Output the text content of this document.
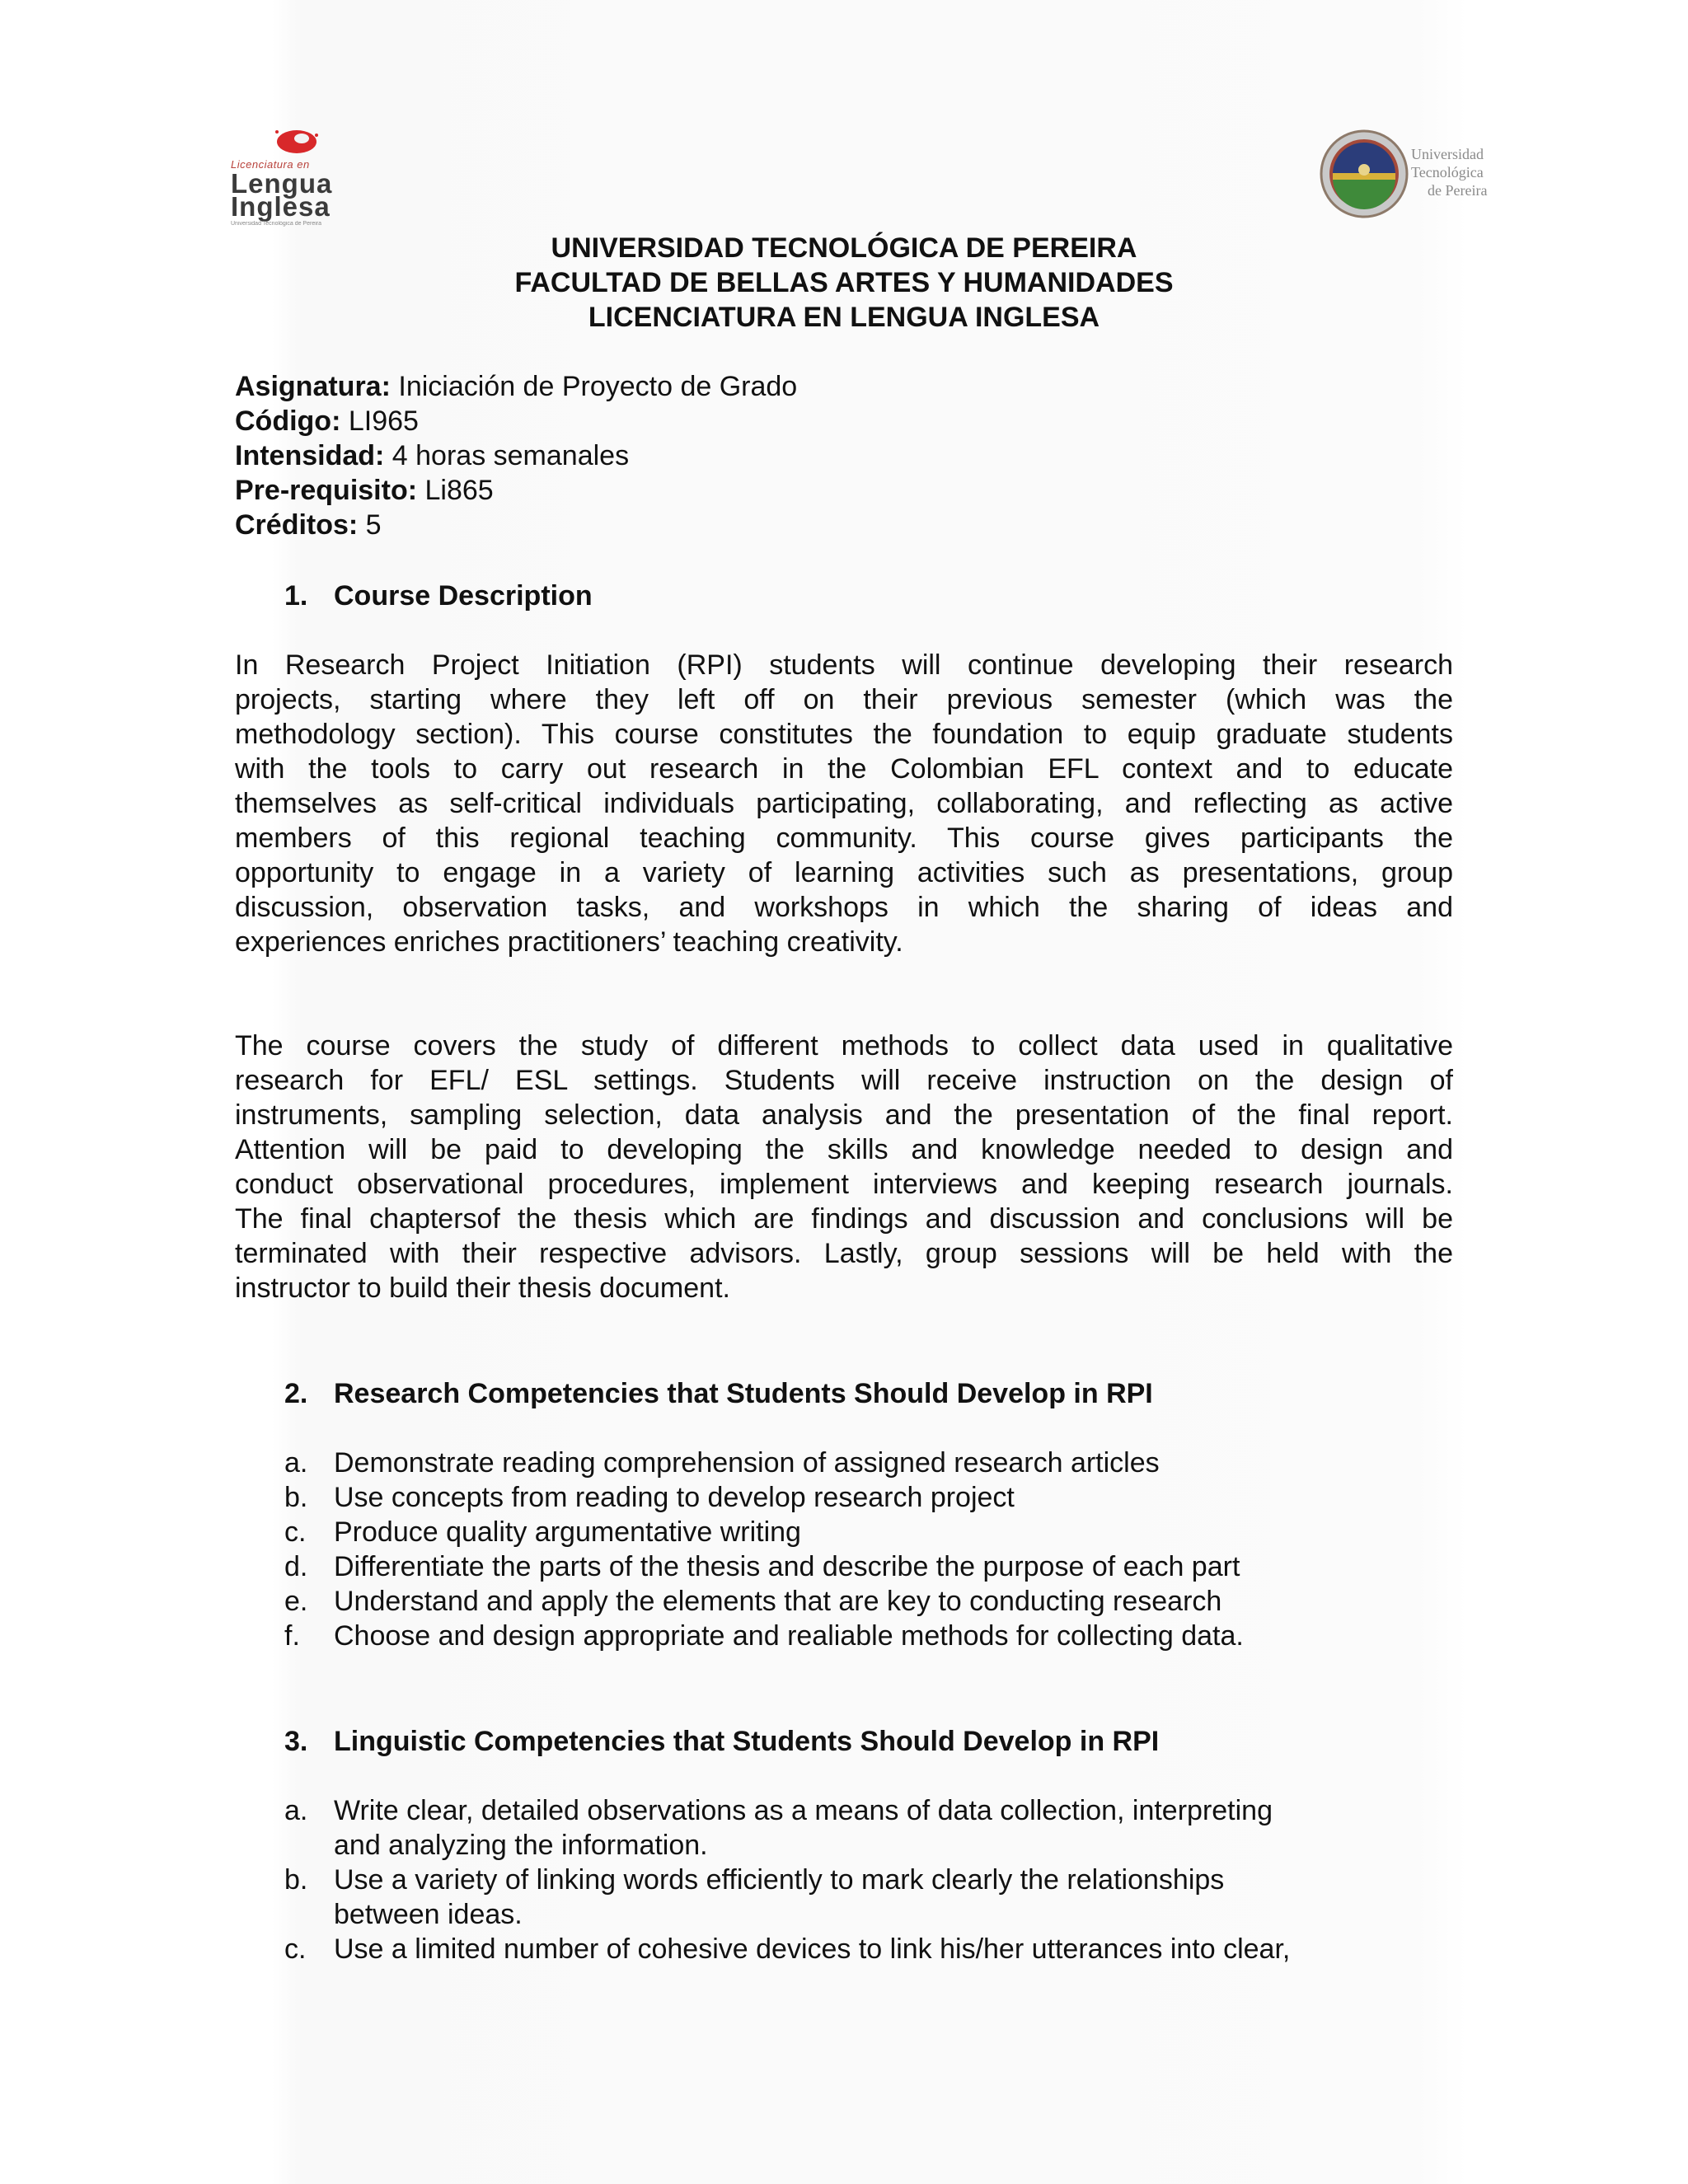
Licenciatura en
Lengua
Inglesa
Universidad Tecnológica de Pereira
Universidad
Tecnológica
de Pereira
UNIVERSIDAD TECNOLÓGICA DE PEREIRA
FACULTAD DE BELLAS ARTES Y HUMANIDADES
LICENCIATURA EN LENGUA INGLESA
Asignatura: Iniciación de Proyecto de Grado
Código: LI965
Intensidad: 4 horas semanales
Pre-requisito: Li865
Créditos: 5
1. Course Description
In Research Project Initiation (RPI) students will continue developing their research
projects, starting where they left off on their previous semester (which was the
methodology section). This course constitutes the foundation to equip graduate students
with the tools to carry out research in the Colombian EFL context and to educate
themselves as self-critical individuals participating, collaborating, and reflecting as active
members of this regional teaching community. This course gives participants the
opportunity to engage in a variety of learning activities such as presentations, group
discussion, observation tasks, and workshops in which the sharing of ideas and
experiences enriches practitioners’ teaching creativity.
The course covers the study of different methods to collect data used in qualitative
research for EFL/ ESL settings. Students will receive instruction on the design of
instruments, sampling selection, data analysis and the presentation of the final report.
Attention will be paid to developing the skills and knowledge needed to design and
conduct observational procedures, implement interviews and keeping research journals.
The final chaptersof the thesis which are findings and discussion and conclusions will be
terminated with their respective advisors. Lastly, group sessions will be held with the
instructor to build their thesis document.
2. Research Competencies that Students Should Develop in RPI
a. Demonstrate reading comprehension of assigned research articles
b. Use concepts from reading to develop research project
c. Produce quality argumentative writing
d. Differentiate the parts of the thesis and describe the purpose of each part
e. Understand and apply the elements that are key to conducting research
f. Choose and design appropriate and realiable methods for collecting data.
3. Linguistic Competencies that Students Should Develop in RPI
a. Write clear, detailed observations as a means of data collection, interpreting
and analyzing the information.
b. Use a variety of linking words efficiently to mark clearly the relationships
between ideas.
c. Use a limited number of cohesive devices to link his/her utterances into clear,
